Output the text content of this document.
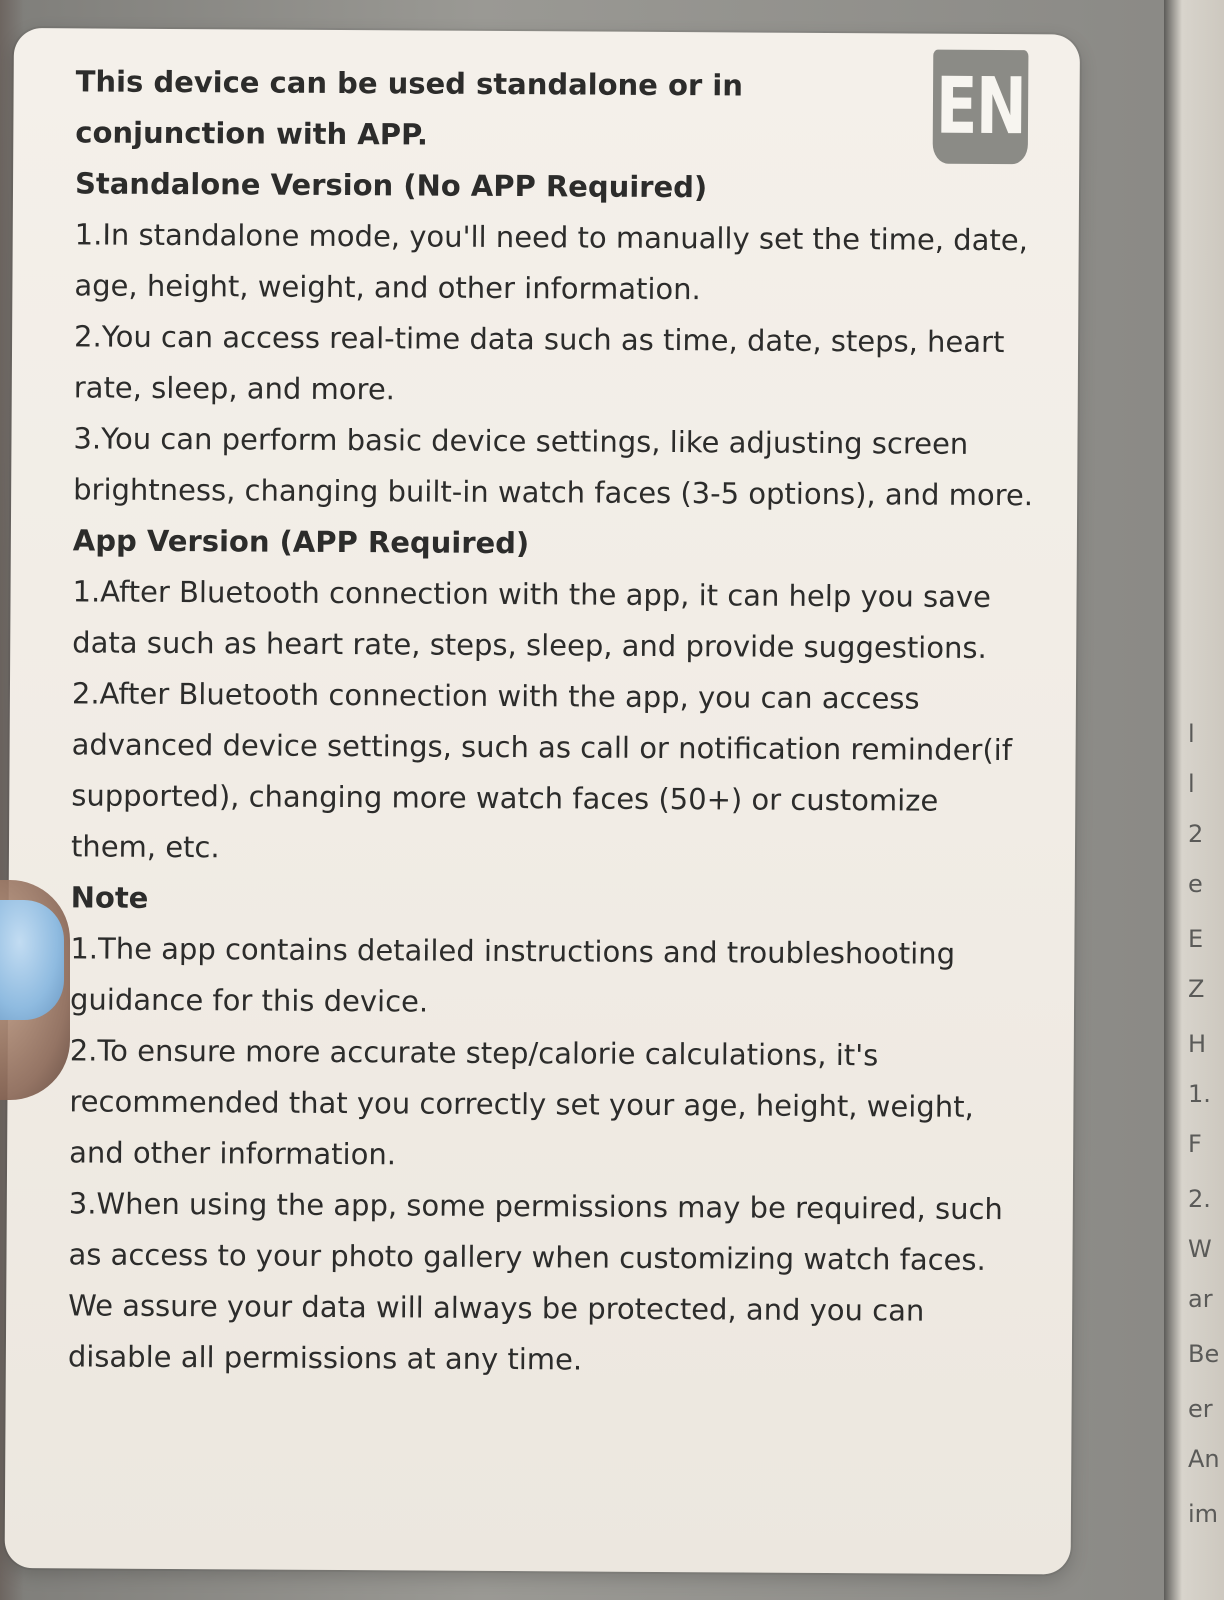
EN

This device can be used standalone or in conjunction with APP.

Standalone Version (No APP Required)

1.In standalone mode, you'll need to manually set the time, date, age, height, weight, and other information.

2.You can access real-time data such as time, date, steps, heart rate, sleep, and more.

3.You can perform basic device settings, like adjusting screen brightness, changing built-in watch faces (3-5 options), and more.

App Version (APP Required)

1.After Bluetooth connection with the app, it can help you save data such as heart rate, steps, sleep, and provide suggestions.

2.After Bluetooth connection with the app, you can access advanced device settings, such as call or notification reminder(if supported), changing more watch faces (50+) or customize them, etc.

Note

1.The app contains detailed instructions and troubleshooting guidance for this device.

2.To ensure more accurate step/calorie calculations, it's recommended that you correctly set your age, height, weight, and other information.

3.When using the app, some permissions may be required, such as access to your photo gallery when customizing watch faces. We assure your data will always be protected, and you can disable all permissions at any time.

l
l
2
e
E
Z
H
1.
F
2.
W
ar
Be
er
An
im
